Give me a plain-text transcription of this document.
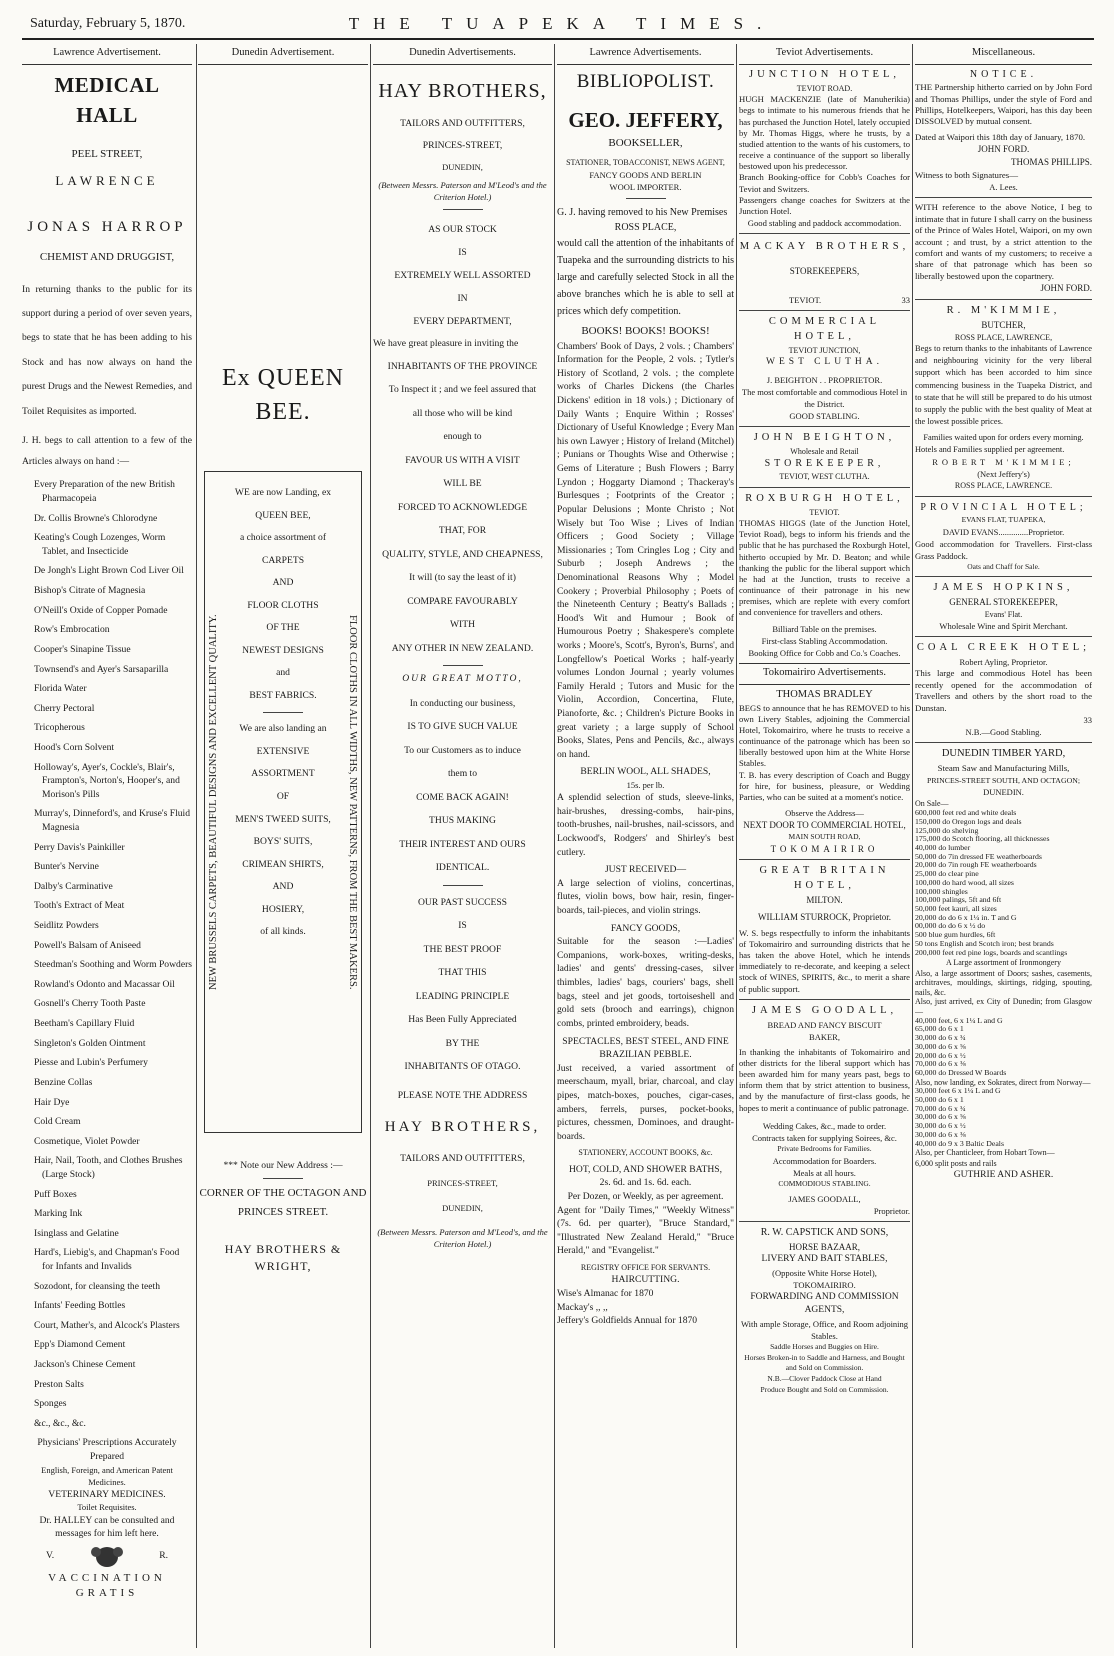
Saturday, February 5, 1870.	THE TUAPEKA TIMES.
Lawrence Advertisement.
MEDICAL HALL
PEEL STREET,
LAWRENCE
JONAS HARROP
CHEMIST AND DRUGGIST,
In returning thanks to the public for its support during a period of over seven years, begs to state that he has been adding to his Stock and has now always on hand the purest Drugs and the Newest Remedies, and Toilet Requisites as imported.
J. H. begs to call attention to a few of the Articles always on hand :—
Every Preparation of the new British Pharmacopeia
Dr. Collis Browne's Chlorodyne
Keating's Cough Lozenges, Worm Tablet, and Insecticide
De Jongh's Light Brown Cod Liver Oil
Bishop's Citrate of Magnesia
O'Neill's Oxide of Copper Pomade
Row's Embrocation
Cooper's Sinapine Tissue
Townsend's and Ayer's Sarsaparilla
Florida Water
Cherry Pectoral
Tricopherous
Hood's Corn Solvent
Holloway's, Ayer's, Cockle's, Blair's, Frampton's, Norton's, Hooper's, and Morison's Pills
Murray's, Dinneford's, and Kruse's Fluid Magnesia
Perry Davis's Painkiller
Bunter's Nervine
Dalby's Carminative
Tooth's Extract of Meat
Seidlitz Powders
Powell's Balsam of Aniseed
Steedman's Soothing and Worm Powders
Rowland's Odonto and Macassar Oil
Gosnell's Cherry Tooth Paste
Beetham's Capillary Fluid
Singleton's Golden Ointment
Piesse and Lubin's Perfumery
Benzine Collas
Hair Dye
Cold Cream
Cosmetique, Violet Powder
Hair, Nail, Tooth, and Clothes Brushes (Large Stock)
Puff Boxes
Marking Ink
Isinglass and Gelatine
Hard's, Liebig's, and Chapman's Food for Infants and Invalids
Sozodont, for cleansing the teeth
Infants' Feeding Bottles
Court, Mather's, and Alcock's Plasters
Epp's Diamond Cement
Jackson's Chinese Cement
Preston Salts
Sponges
&c., &c., &c.
Physicians' Prescriptions Accurately Prepared
English, Foreign, and American Patent Medicines.
VETERINARY MEDICINES.
Toilet Requisites.
Dr. HALLEY can be consulted and messages for him left here.
V.	R.
VACCINATION GRATIS
Dunedin Advertisement.
Ex QUEEN BEE.
NEW BRUSSELS CARPETS, BEAUTIFUL DESIGNS AND EXCELLENT QUALITY.	FLOOR CLOTHS IN ALL WIDTHS, NEW PATTERNS, FROM THE BEST MAKERS.
WE are now Landing, ex
QUEEN BEE,
a choice assortment of
CARPETS
AND
FLOOR CLOTHS
OF THE
NEWEST DESIGNS
and
BEST FABRICS.
We are also landing an
EXTENSIVE ASSORTMENT
OF
MEN'S TWEED SUITS,
BOYS' SUITS,
CRIMEAN SHIRTS,
AND
HOSIERY,
of all kinds.
*** Note our New Address :—
CORNER OF THE OCTAGON AND PRINCES STREET.
HAY BROTHERS & WRIGHT,
Dunedin Advertisements.
HAY BROTHERS,
TAILORS AND OUTFITTERS,
PRINCES-STREET,
DUNEDIN,
(Between Messrs. Paterson and M'Leod's and the Criterion Hotel.)
AS OUR STOCK
IS
EXTREMELY WELL ASSORTED
IN
EVERY DEPARTMENT,
We have great pleasure in inviting the
INHABITANTS OF THE PROVINCE
To Inspect it ; and we feel assured that
all those who will be kind
enough to
FAVOUR US WITH A VISIT
WILL BE
FORCED TO ACKNOWLEDGE
THAT, FOR
QUALITY, STYLE, AND CHEAPNESS,
It will (to say the least of it)
COMPARE FAVOURABLY
WITH
ANY OTHER IN NEW ZEALAND.
OUR GREAT MOTTO,
In conducting our business,
IS TO GIVE SUCH VALUE
To our Customers as to induce
them to
COME BACK AGAIN!
THUS MAKING
THEIR INTEREST AND OURS
IDENTICAL.
OUR PAST SUCCESS
IS
THE BEST PROOF
THAT THIS
LEADING PRINCIPLE
Has Been Fully Appreciated
BY THE
INHABITANTS OF OTAGO.
PLEASE NOTE THE ADDRESS
HAY BROTHERS,
TAILORS AND OUTFITTERS,
PRINCES-STREET,
DUNEDIN,
(Between Messrs. Paterson and M'Leod's, and the Criterion Hotel.)
Lawrence Advertisements.
BIBLIOPOLIST.
GEO. JEFFERY,
BOOKSELLER,
STATIONER, TOBACCONIST, NEWS AGENT,
FANCY GOODS AND BERLIN
WOOL IMPORTER.
G. J. having removed to his New Premises
ROSS PLACE,
would call the attention of the inhabitants of Tuapeka and the surrounding districts to his large and carefully selected Stock in all the above branches which he is able to sell at prices which defy competition.
BOOKS! BOOKS! BOOKS!
Chambers' Book of Days, 2 vols. ; Chambers' Information for the People, 2 vols. ; Tytler's History of Scotland, 2 vols. ; the complete works of Charles Dickens (the Charles Dickens' edition in 18 vols.) ; Dictionary of Daily Wants ; Enquire Within ; Rosses' Dictionary of Useful Knowledge ; Every Man his own Lawyer ; History of Ireland (Mitchel) ; Punians or Thoughts Wise and Otherwise ; Gems of Literature ; Bush Flowers ; Barry Lyndon ; Hoggarty Diamond ; Thackeray's Burlesques ; Footprints of the Creator ; Popular Delusions ; Monte Christo ; Not Wisely but Too Wise ; Lives of Indian Officers ; Good Society ; Village Missionaries ; Tom Cringles Log ; City and Suburb ; Joseph Andrews ; the Denominational Reasons Why ; Model Cookery ; Proverbial Philosophy ; Poets of the Nineteenth Century ; Beatty's Ballads ; Hood's Wit and Humour ; Book of Humourous Poetry ; Shakespere's complete works ; Moore's, Scott's, Byron's, Burns', and Longfellow's Poetical Works ; half-yearly volumes London Journal ; yearly volumes Family Herald ; Tutors and Music for the Violin, Accordion, Concertina, Flute, Pianoforte, &c. ; Children's Picture Books in great variety ; a large supply of School Books, Slates, Pens and Pencils, &c., always on hand.
BERLIN WOOL, ALL SHADES,
15s. per lb.
A splendid selection of studs, sleeve-links, hair-brushes, dressing-combs, hair-pins, tooth-brushes, nail-brushes, nail-scissors, and Lockwood's, Rodgers' and Shirley's best cutlery.
JUST RECEIVED—
A large selection of violins, concertinas, flutes, violin bows, bow hair, resin, finger-boards, tail-pieces, and violin strings.
FANCY GOODS,
Suitable for the season :—Ladies' Companions, work-boxes, writing-desks, ladies' and gents' dressing-cases, silver thimbles, ladies' bags, couriers' bags, shell bags, steel and jet goods, tortoiseshell and gold sets (brooch and earrings), chignon combs, printed embroidery, beads.
SPECTACLES, BEST STEEL, AND FINE BRAZILIAN PEBBLE.
Just received, a varied assortment of meerschaum, myall, briar, charcoal, and clay pipes, match-boxes, pouches, cigar-cases, ambers, ferrels, purses, pocket-books, pictures, chessmen, Dominoes, and draught-boards.
STATIONERY, ACCOUNT BOOKS, &c.
HOT, COLD, AND SHOWER BATHS,
2s. 6d. and 1s. 6d. each.
Per Dozen, or Weekly, as per agreement.
Agent for "Daily Times," "Weekly Witness" (7s. 6d. per quarter), "Bruce Standard," "Illustrated New Zealand Herald," "Bruce Herald," and "Evangelist."
REGISTRY OFFICE FOR SERVANTS.
HAIRCUTTING.
Wise's Almanac for 1870
Mackay's ,, ,,
Jeffery's Goldfields Annual for 1870
Teviot Advertisements.
JUNCTION HOTEL,
TEVIOT ROAD.
HUGH MACKENZIE (late of Manuherikia) begs to intimate to his numerous friends that he has purchased the Junction Hotel, lately occupied by Mr. Thomas Higgs, where he trusts, by a studied attention to the wants of his customers, to receive a continuance of the support so liberally bestowed upon his predecessor.
Branch Booking-office for Cobb's Coaches for Teviot and Switzers.
Passengers change coaches for Switzers at the Junction Hotel.
Good stabling and paddock accommodation.
MACKAY BROTHERS,
STOREKEEPERS,
TEVIOT.	33
COMMERCIAL HOTEL,
TEVIOT JUNCTION,
WEST CLUTHA.
J. BEIGHTON . . PROPRIETOR.
The most comfortable and commodious Hotel in the District.
GOOD STABLING.
JOHN BEIGHTON,
Wholesale and Retail
STOREKEEPER,
TEVIOT, WEST CLUTHA.
ROXBURGH HOTEL,
TEVIOT.
THOMAS HIGGS (late of the Junction Hotel, Teviot Road), begs to inform his friends and the public that he has purchased the Roxburgh Hotel, hitherto occupied by Mr. D. Beaton; and while thanking the public for the liberal support which he had at the Junction, trusts to receive a continuance of their patronage in his new premises, which are replete with every comfort and convenience for travellers and others.
Billiard Table on the premises.
First-class Stabling Accommodation.
Booking Office for Cobb and Co.'s Coaches.
Tokomairiro Advertisements.
THOMAS BRADLEY
BEGS to announce that he has REMOVED to his own Livery Stables, adjoining the Commercial Hotel, Tokomairiro, where he trusts to receive a continuance of the patronage which has been so liberally bestowed upon him at the White Horse Stables.
T. B. has every description of Coach and Buggy for hire, for business, pleasure, or Wedding Parties, who can be suited at a moment's notice.
Observe the Address—
NEXT DOOR TO COMMERCIAL HOTEL,
MAIN SOUTH ROAD,
TOKOMAIRIRO
GREAT BRITAIN HOTEL,
MILTON.
WILLIAM STURROCK, Proprietor.
W. S. begs respectfully to inform the inhabitants of Tokomairiro and surrounding districts that he has taken the above Hotel, which he intends immediately to re-decorate, and keeping a select stock of WINES, SPIRITS, &c., to merit a share of public support.
JAMES GOODALL,
BREAD AND FANCY BISCUIT
BAKER,
In thanking the inhabitants of Tokomairiro and other districts for the liberal support which has been awarded him for many years past, begs to inform them that by strict attention to business, and by the manufacture of first-class goods, he hopes to merit a continuance of public patronage.
Wedding Cakes, &c., made to order.
Contracts taken for supplying Soirees, &c.
Private Bedrooms for Families.
Accommodation for Boarders.
Meals at all hours.
COMMODIOUS STABLING.
JAMES GOODALL,
Proprietor.
R. W. CAPSTICK AND SONS,
HORSE BAZAAR,
LIVERY AND BAIT STABLES,
(Opposite White Horse Hotel),
TOKOMAIRIRO.
FORWARDING AND COMMISSION AGENTS,
With ample Storage, Office, and Room adjoining Stables.
Saddle Horses and Buggies on Hire.
Horses Broken-in to Saddle and Harness, and Bought and Sold on Commission.
N.B.—Clover Paddock Close at Hand
Produce Bought and Sold on Commission.
Miscellaneous.
NOTICE.
THE Partnership hitherto carried on by John Ford and Thomas Phillips, under the style of Ford and Phillips, Hotelkeepers, Waipori, has this day been DISSOLVED by mutual consent.
Dated at Waipori this 18th day of January, 1870.
JOHN FORD.
THOMAS PHILLIPS.
Witness to both Signatures—
A. Lees.
WITH reference to the above Notice, I beg to intimate that in future I shall carry on the business of the Prince of Wales Hotel, Waipori, on my own account ; and trust, by a strict attention to the comfort and wants of my customers; to receive a share of that patronage which has been so liberally bestowed upon the copartnery.
JOHN FORD.
R. M'KIMMIE,
BUTCHER,
ROSS PLACE, LAWRENCE,
Begs to return thanks to the inhabitants of Lawrence and neighbouring vicinity for the very liberal support which has been accorded to him since commencing business in the Tuapeka District, and to state that he will still be prepared to do his utmost to supply the public with the best quality of Meat at the lowest possible prices.
Families waited upon for orders every morning.
Hotels and Families supplied per agreement.
ROBERT M'KIMMIE;
(Next Jeffery's)
ROSS PLACE, LAWRENCE.
PROVINCIAL HOTEL;
EVANS FLAT, TUAPEKA,
DAVID EVANS..............Proprietor.
Good accommodation for Travellers. First-class Grass Paddock.
Oats and Chaff for Sale.
JAMES HOPKINS,
GENERAL STOREKEEPER,
Evans' Flat.
Wholesale Wine and Spirit Merchant.
COAL CREEK HOTEL;
Robert Ayling, Proprietor.
This large and commodious Hotel has been recently opened for the accommodation of Travellers and others by the short road to the Dunstan.
33
N.B.—Good Stabling.
DUNEDIN TIMBER YARD,
Steam Saw and Manufacturing Mills,
PRINCES-STREET SOUTH, AND OCTAGON;
DUNEDIN.
On Sale—
600,000 feet red and white deals
150,000 do Oregon logs and deals
125,000 do shelving
175,000 do Scotch flooring, all thicknesses
40,000 do lumber
50,000 do 7in dressed FE weatherboards
20,000 do 7in rough FE weatherboards
25,000 do clear pine
100,000 do hard wood, all sizes
100,000 shingles
100,000 palings, 5ft and 6ft
50,000 feet kauri, all sizes
20,000 do do 6 x 1¼ in. T and G
00,000 do do 6 x ½ do
500 blue gum hurdles, 6ft
50 tons English and Scotch iron; best brands
200,000 feet red pine logs, boards and scantlings
A Large assortment of Ironmongery
Also, a large assortment of Doors; sashes, casements, architraves, mouldings, skirtings, ridging, spouting, nails, &c.
Also, just arrived, ex City of Dunedin; from Glasgow—
40,000 feet, 6 x 1¼ L and G
65,000 do 6 x 1
30,000 do 6 x ¾
30,000 do 6 x ⅝
20,000 do 6 x ½
70,000 do 6 x ⅜
60,000 do Dressed W Boards
Also, now landing, ex Sokrates, direct from Norway—
30,000 feet 6 x 1¼ L and G
50,000 do 6 x 1
70,000 do 6 x ¾
30,000 do 6 x ⅝
30,000 do 6 x ½
30,000 do 6 x ⅜
40,000 do 9 x 3 Baltic Deals
Also, per Chanticleer, from Hobart Town—
6,000 split posts and rails
GUTHRIE AND ASHER.
